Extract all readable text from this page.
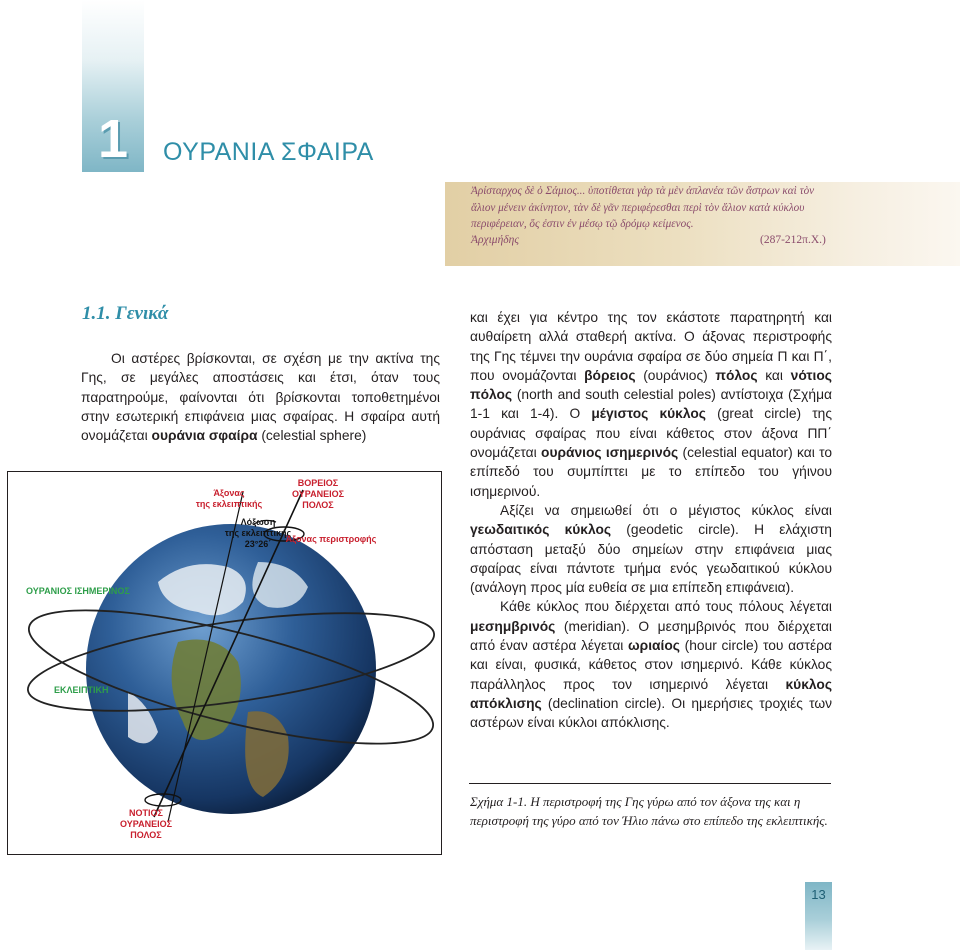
1	ΟΥΡΑΝΙΑ ΣΦΑΙΡΑ
Ἀρίσταρχος δὲ ὁ Σάμιος... ὑποτίθεται γὰρ τὰ μὲν ἀπλανέα τῶν ἄστρων καὶ τὸν ἅλιον μένειν ἀκίνητον, τὰν δὲ γᾶν περιφέρεσθαι περὶ τὸν ἅλιον κατὰ κύκλου περιφέρειαν, ὅς ἐστιν ἐν μέσῳ τῷ δρόμῳ κείμενος.
Ἀρχιμήδης	(287-212π.Χ.)
1.1. Γενικά

Οι αστέρες βρίσκονται, σε σχέση με την ακτίνα της Γης, σε μεγάλες αποστάσεις και έτσι, όταν τους παρατηρούμε, φαίνονται ότι βρίσκονται τοποθετημένοι στην εσωτερική επιφάνεια μιας σφαίρας. Η σφαίρα αυτή ονομάζεται ουράνια σφαίρα (celestial sphere)

και έχει για κέντρο της τον εκάστοτε παρατηρητή και αυθαίρετη αλλά σταθερή ακτίνα. Ο άξονας περιστροφής της Γης τέμνει την ουράνια σφαίρα σε δύο σημεία Π και Π΄, που ονομάζονται βόρειος (ουράνιος) πόλος και νότιος πόλος (north and south celestial poles) αντίστοιχα (Σχήμα 1-1 και 1-4). Ο μέγιστος κύκλος (great circle) της ουράνιας σφαίρας που είναι κάθετος στον άξονα ΠΠ΄ ονομάζεται ουράνιος ισημερινός (celestial equator) και το επίπεδό του συμπίπτει με το επίπεδο του γήινου ισημερινού.

Αξίζει να σημειωθεί ότι ο μέγιστος κύκλος είναι γεωδαιτικός κύκλος (geodetic circle). Η ελάχιστη απόσταση μεταξύ δύο σημείων στην επιφάνεια μιας σφαίρας είναι πάντοτε τμήμα ενός γεωδαιτικού κύκλου (ανάλογη προς μία ευθεία σε μια επίπεδη επιφάνεια).

Κάθε κύκλος που διέρχεται από τους πόλους λέγεται μεσημβρινός (meridian). Ο μεσημβρινός που διέρχεται από έναν αστέρα λέγεται ωριαίος (hour circle) του αστέρα και είναι, φυσικά, κάθετος στον ισημερινό. Κάθε κύκλος παράλληλος προς τον ισημερινό λέγεται κύκλος απόκλισης (declination circle). Οι ημερήσιες τροχιές των αστέρων είναι κύκλοι απόκλισης.

Άξονας της εκλειπτικής
ΒΟΡΕΙΟΣ ΟΥΡΑΝΕΙΟΣ ΠΟΛΟΣ
Λόξωση της εκλειπτικής 23°26΄	Άξονας περιστροφής
ΟΥΡΑΝΙΟΣ ΙΣΗΜΕΡΙΝΟΣ
ΕΚΛΕΙΠΤΙΚΗ
ΝΟΤΙΟΣ ΟΥΡΑΝΕΙΟΣ ΠΟΛΟΣ
Σχήμα 1-1. Η περιστροφή της Γης γύρω από τον άξονα της και η περιστροφή της γύρο από τον Ήλιο πάνω στο επίπεδο της εκλειπτικής.
13
